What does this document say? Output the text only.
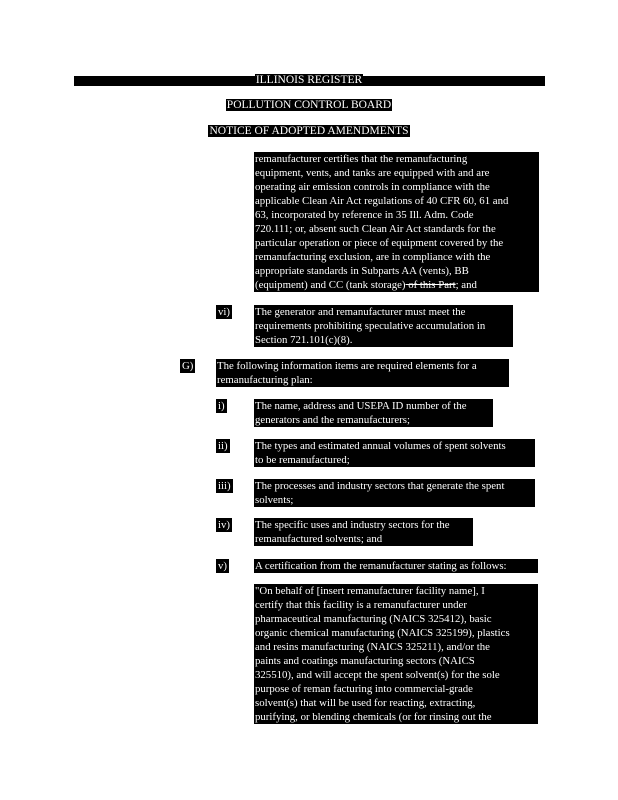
ILLINOIS REGISTER
POLLUTION CONTROL BOARD
NOTICE OF ADOPTED AMENDMENTS
remanufacturer certifies that the remanufacturing
equipment, vents, and tanks are equipped with and are
operating air emission controls in compliance with the
applicable Clean Air Act regulations of 40 CFR 60, 61 and
63, incorporated by reference in 35 Ill. Adm. Code
720.111; or, absent such Clean Air Act standards for the
particular operation or piece of equipment covered by the
remanufacturing exclusion, are in compliance with the
appropriate standards in Subparts AA (vents), BB
(equipment) and CC (tank storage) of this Part; and
vi) The generator and remanufacturer must meet the
requirements prohibiting speculative accumulation in
Section 721.101(c)(8).
G) The following information items are required elements for a
remanufacturing plan:
i)	The name, address and USEPA ID number of the
generators and the remanufacturers;
ii)	The types and estimated annual volumes of spent solvents
to be remanufactured;
iii) The processes and industry sectors that generate the spent
solvents;
iv) The specific uses and industry sectors for the
remanufactured solvents; and
v)	A certification from the remanufacturer stating as follows:
"On behalf of [insert remanufacturer facility name], I
certify that this facility is a remanufacturer under
pharmaceutical manufacturing (NAICS 325412), basic
organic chemical manufacturing (NAICS 325199), plastics
and resins manufacturing (NAICS 325211), and/or the
paints and coatings manufacturing sectors (NAICS
325510), and will accept the spent solvent(s) for the sole
purpose of reman facturing into commercial-grade
solvent(s) that will be used for reacting, extracting,
purifying, or blending chemicals (or for rinsing out the
